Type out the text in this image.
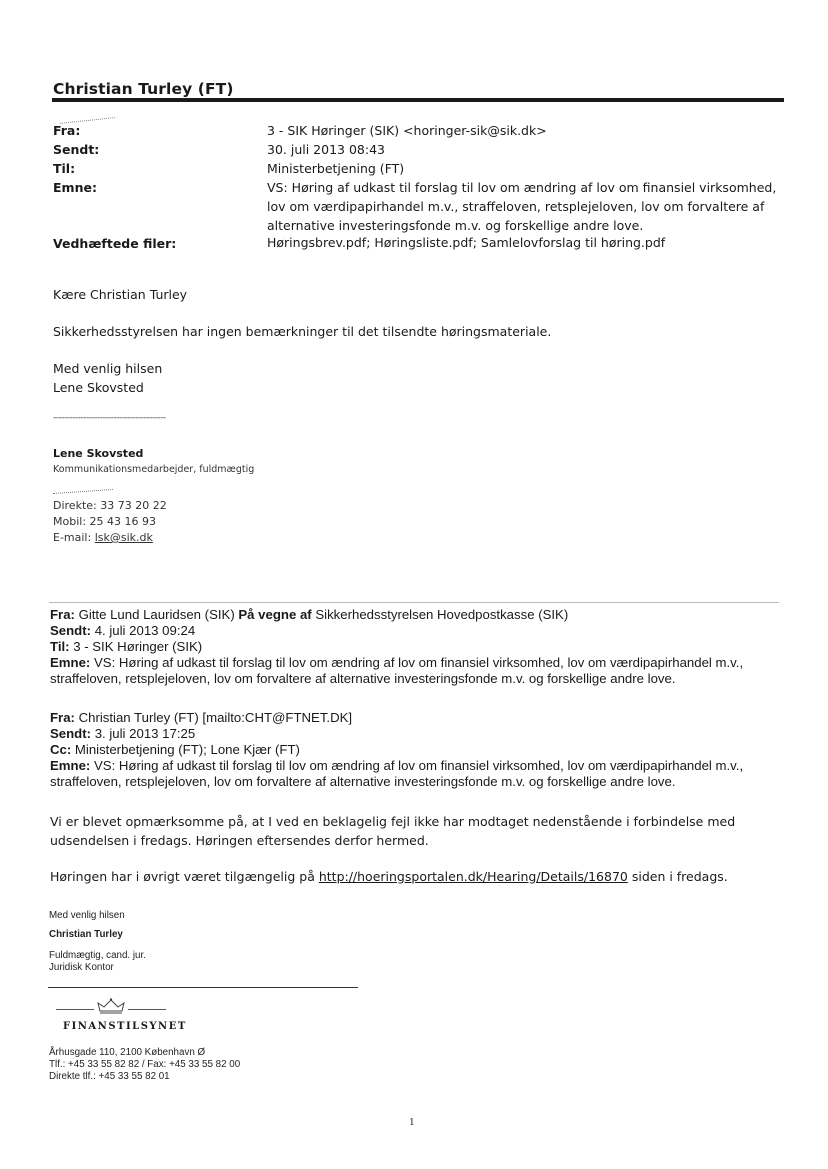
Christian Turley (FT)
Fra:	3 - SIK Høringer (SIK) <horinger-sik@sik.dk>
Sendt:	30. juli 2013 08:43
Til:	Ministerbetjening (FT)
Emne:	VS: Høring af udkast til forslag til lov om ændring af lov om finansiel virksomhed, lov om værdipapirhandel m.v., straffeloven, retsplejeloven, lov om forvaltere af alternative investeringsfonde m.v. og forskellige andre love.
Vedhæftede filer:	Høringsbrev.pdf; Høringsliste.pdf; Samlelovforslag til høring.pdf
Kære Christian Turley
Sikkerhedsstyrelsen har ingen bemærkninger til det tilsendte høringsmateriale.
Med venlig hilsen
Lene Skovsted
-----------------------------------------
Lene Skovsted
Kommunikationsmedarbejder, fuldmægtig
Direkte: 33 73 20 22
Mobil: 25 43 16 93
E-mail: lsk@sik.dk
Fra: Gitte Lund Lauridsen (SIK) På vegne af Sikkerhedsstyrelsen Hovedpostkasse (SIK)
Sendt: 4. juli 2013 09:24
Til: 3 - SIK Høringer (SIK)
Emne: VS: Høring af udkast til forslag til lov om ændring af lov om finansiel virksomhed, lov om værdipapirhandel m.v., straffeloven, retsplejeloven, lov om forvaltere af alternative investeringsfonde m.v. og forskellige andre love.
Fra: Christian Turley (FT) [mailto:CHT@FTNET.DK]
Sendt: 3. juli 2013 17:25
Cc: Ministerbetjening (FT); Lone Kjær (FT)
Emne: VS: Høring af udkast til forslag til lov om ændring af lov om finansiel virksomhed, lov om værdipapirhandel m.v., straffeloven, retsplejeloven, lov om forvaltere af alternative investeringsfonde m.v. og forskellige andre love.
Vi er blevet opmærksomme på, at I ved en beklagelig fejl ikke har modtaget nedenstående i forbindelse med udsendelsen i fredags. Høringen eftersendes derfor hermed.
Høringen har i øvrigt været tilgængelig på http://hoeringsportalen.dk/Hearing/Details/16870 siden i fredags.
Med venlig hilsen
Christian Turley
Fuldmægtig, cand. jur.
Juridisk Kontor
FINANSTILSYNET
Århusgade 110, 2100 København Ø
Tlf.: +45 33 55 82 82 / Fax: +45 33 55 82 00
Direkte tlf.: +45 33 55 82 01
1
